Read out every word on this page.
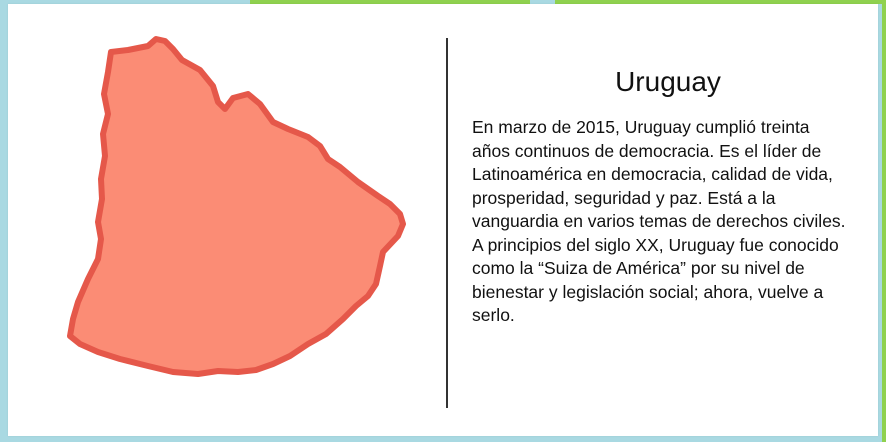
Uruguay

En marzo de 2015, Uruguay cumplió treinta años continuos de democracia. Es el líder de Latinoamérica en democracia, calidad de vida, prosperidad, seguridad y paz. Está a la vanguardia en varios temas de derechos civiles. A principios del siglo XX, Uruguay fue conocido como la “Suiza de América” por su nivel de bienestar y legislación social; ahora, vuelve a serlo.
